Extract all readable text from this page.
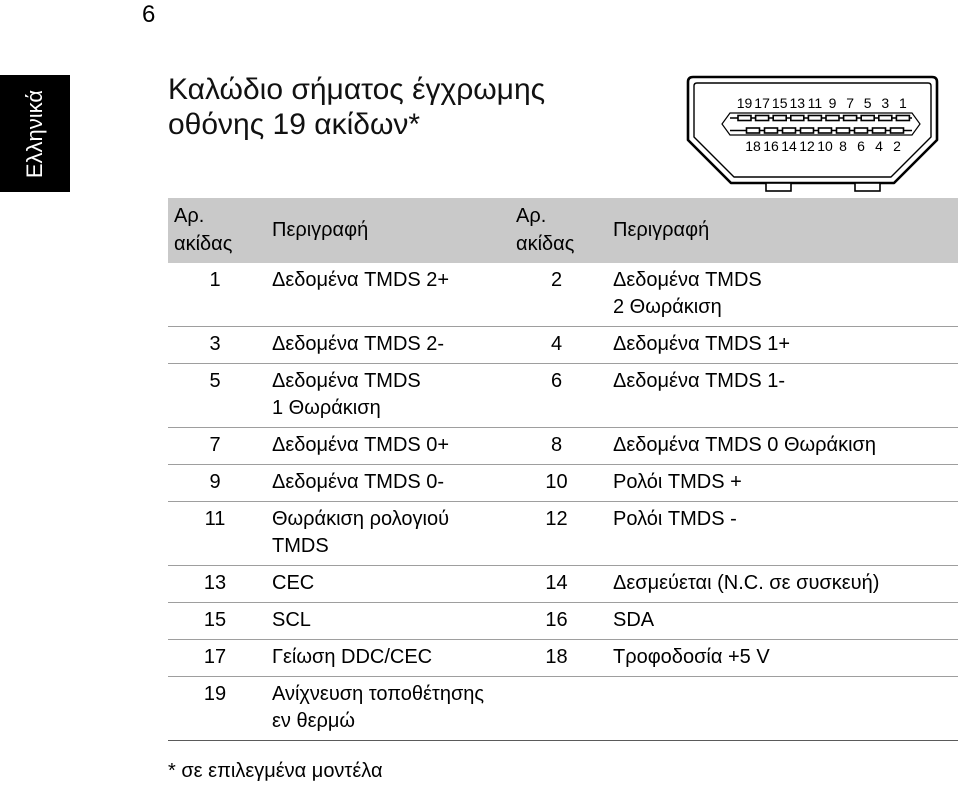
6
Ελληνικά	Καλώδιο σήματος έγχρωμης
οθόνης 19 ακίδων*
19 17 15 13 11 9 7 5 3 1
18 16 14 12 10 8 6 4 2
Αρ.
ακίδας	Περιγραφή	Αρ.
ακίδας	Περιγραφή
1	Δεδομένα TMDS 2+	2	Δεδομένα TMDS
2 Θωράκιση
3	Δεδομένα TMDS 2-	4	Δεδομένα TMDS 1+
5	Δεδομένα TMDS
1 Θωράκιση	6	Δεδομένα TMDS 1-
7	Δεδομένα TMDS 0+	8	Δεδομένα TMDS 0 Θωράκιση
9	Δεδομένα TMDS 0-	10	Ρολόι TMDS +
11	Θωράκιση ρολογιού
TMDS	12	Ρολόι TMDS -
13	CEC	14	Δεσμεύεται (N.C. σε συσκευή)
15	SCL	16	SDA
17	Γείωση DDC/CEC	18	Τροφοδοσία +5 V
19	Ανίχνευση τοποθέτησης
εν θερμώ		
* σε επιλεγμένα μοντέλα
